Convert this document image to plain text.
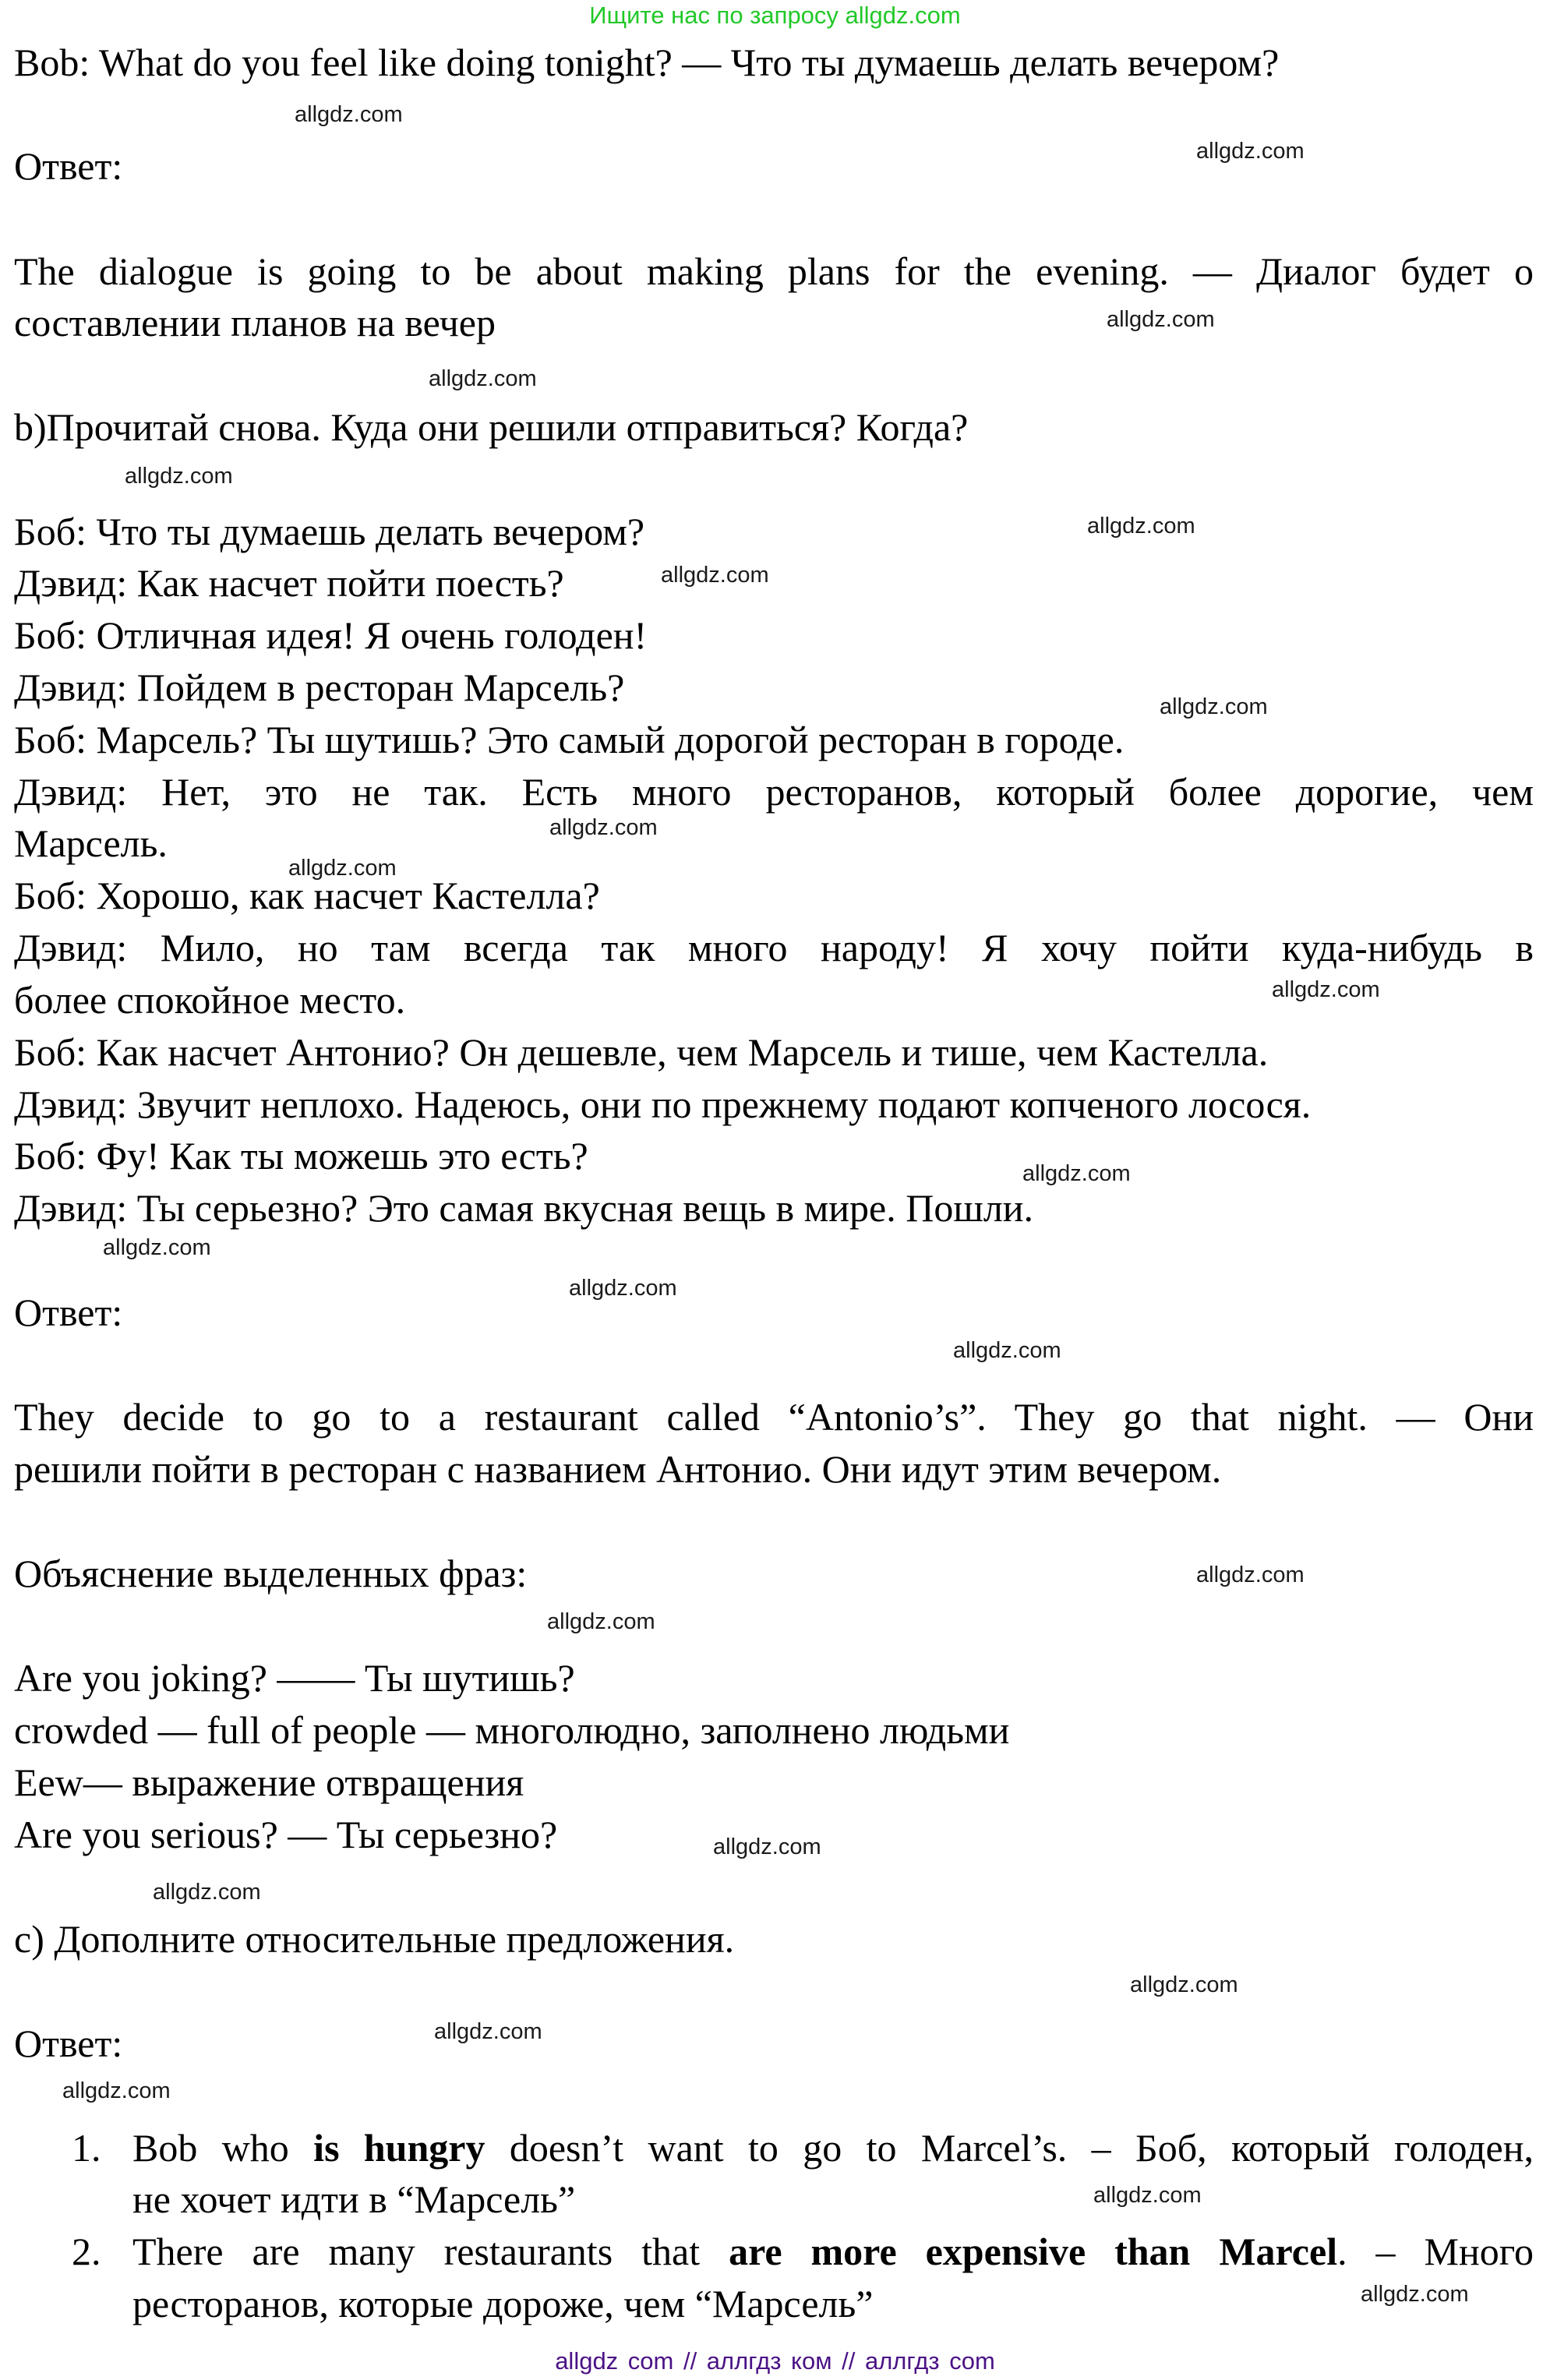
Ищите нас по запросу allgdz.com
Bob: What do you feel like doing tonight? — Что ты думаешь делать вечером?
Ответ:
The dialogue is going to be about making plans for the evening. — Диалог будет о
составлении планов на вечер
b)Прочитай снова. Куда они решили отправиться? Когда?
Боб: Что ты думаешь делать вечером?
Дэвид: Как насчет пойти поесть?
Боб: Отличная идея! Я очень голоден!
Дэвид: Пойдем в ресторан Марсель?
Боб: Марсель? Ты шутишь? Это самый дорогой ресторан в городе.
Дэвид: Нет, это не так. Есть много ресторанов, который более дорогие, чем
Марсель.
Боб: Хорошо, как насчет Кастелла?
Дэвид: Мило, но там всегда так много народу! Я хочу пойти куда-нибудь в
более спокойное место.
Боб: Как насчет Антонио? Он дешевле, чем Марсель и тише, чем Кастелла.
Дэвид: Звучит неплохо. Надеюсь, они по прежнему подают копченого лосося.
Боб: Фу! Как ты можешь это есть?
Дэвид: Ты серьезно? Это самая вкусная вещь в мире. Пошли.
Ответ:
They decide to go to a restaurant called “Antonio’s”. They go that night. — Они
решили пойти в ресторан с названием Антонио. Они идут этим вечером.
Объяснение выделенных фраз:
Are you joking? —— Ты шутишь?
crowded — full of people — многолюдно, заполнено людьми
Eew— выражение отвращения
Are you serious? — Ты серьезно?
c) Дополните относительные предложения.
Ответ:
1. Bob who is hungry doesn’t want to go to Marcel’s. – Боб, который голоден,
не хочет идти в “Марсель”
2. There are many restaurants that are more expensive than Marcel. – Много
ресторанов, которые дороже, чем “Марсель”
allgdz.com
allgdz.com
allgdz.com
allgdz.com
allgdz.com
allgdz.com
allgdz.com
allgdz.com
allgdz.com
allgdz.com
allgdz.com
allgdz.com
allgdz.com
allgdz.com
allgdz.com
allgdz.com
allgdz.com
allgdz.com
allgdz.com
allgdz.com
allgdz.com
allgdz.com
allgdz.com
allgdz.com
allgdz com // аллгдз ком // аллгдз com
